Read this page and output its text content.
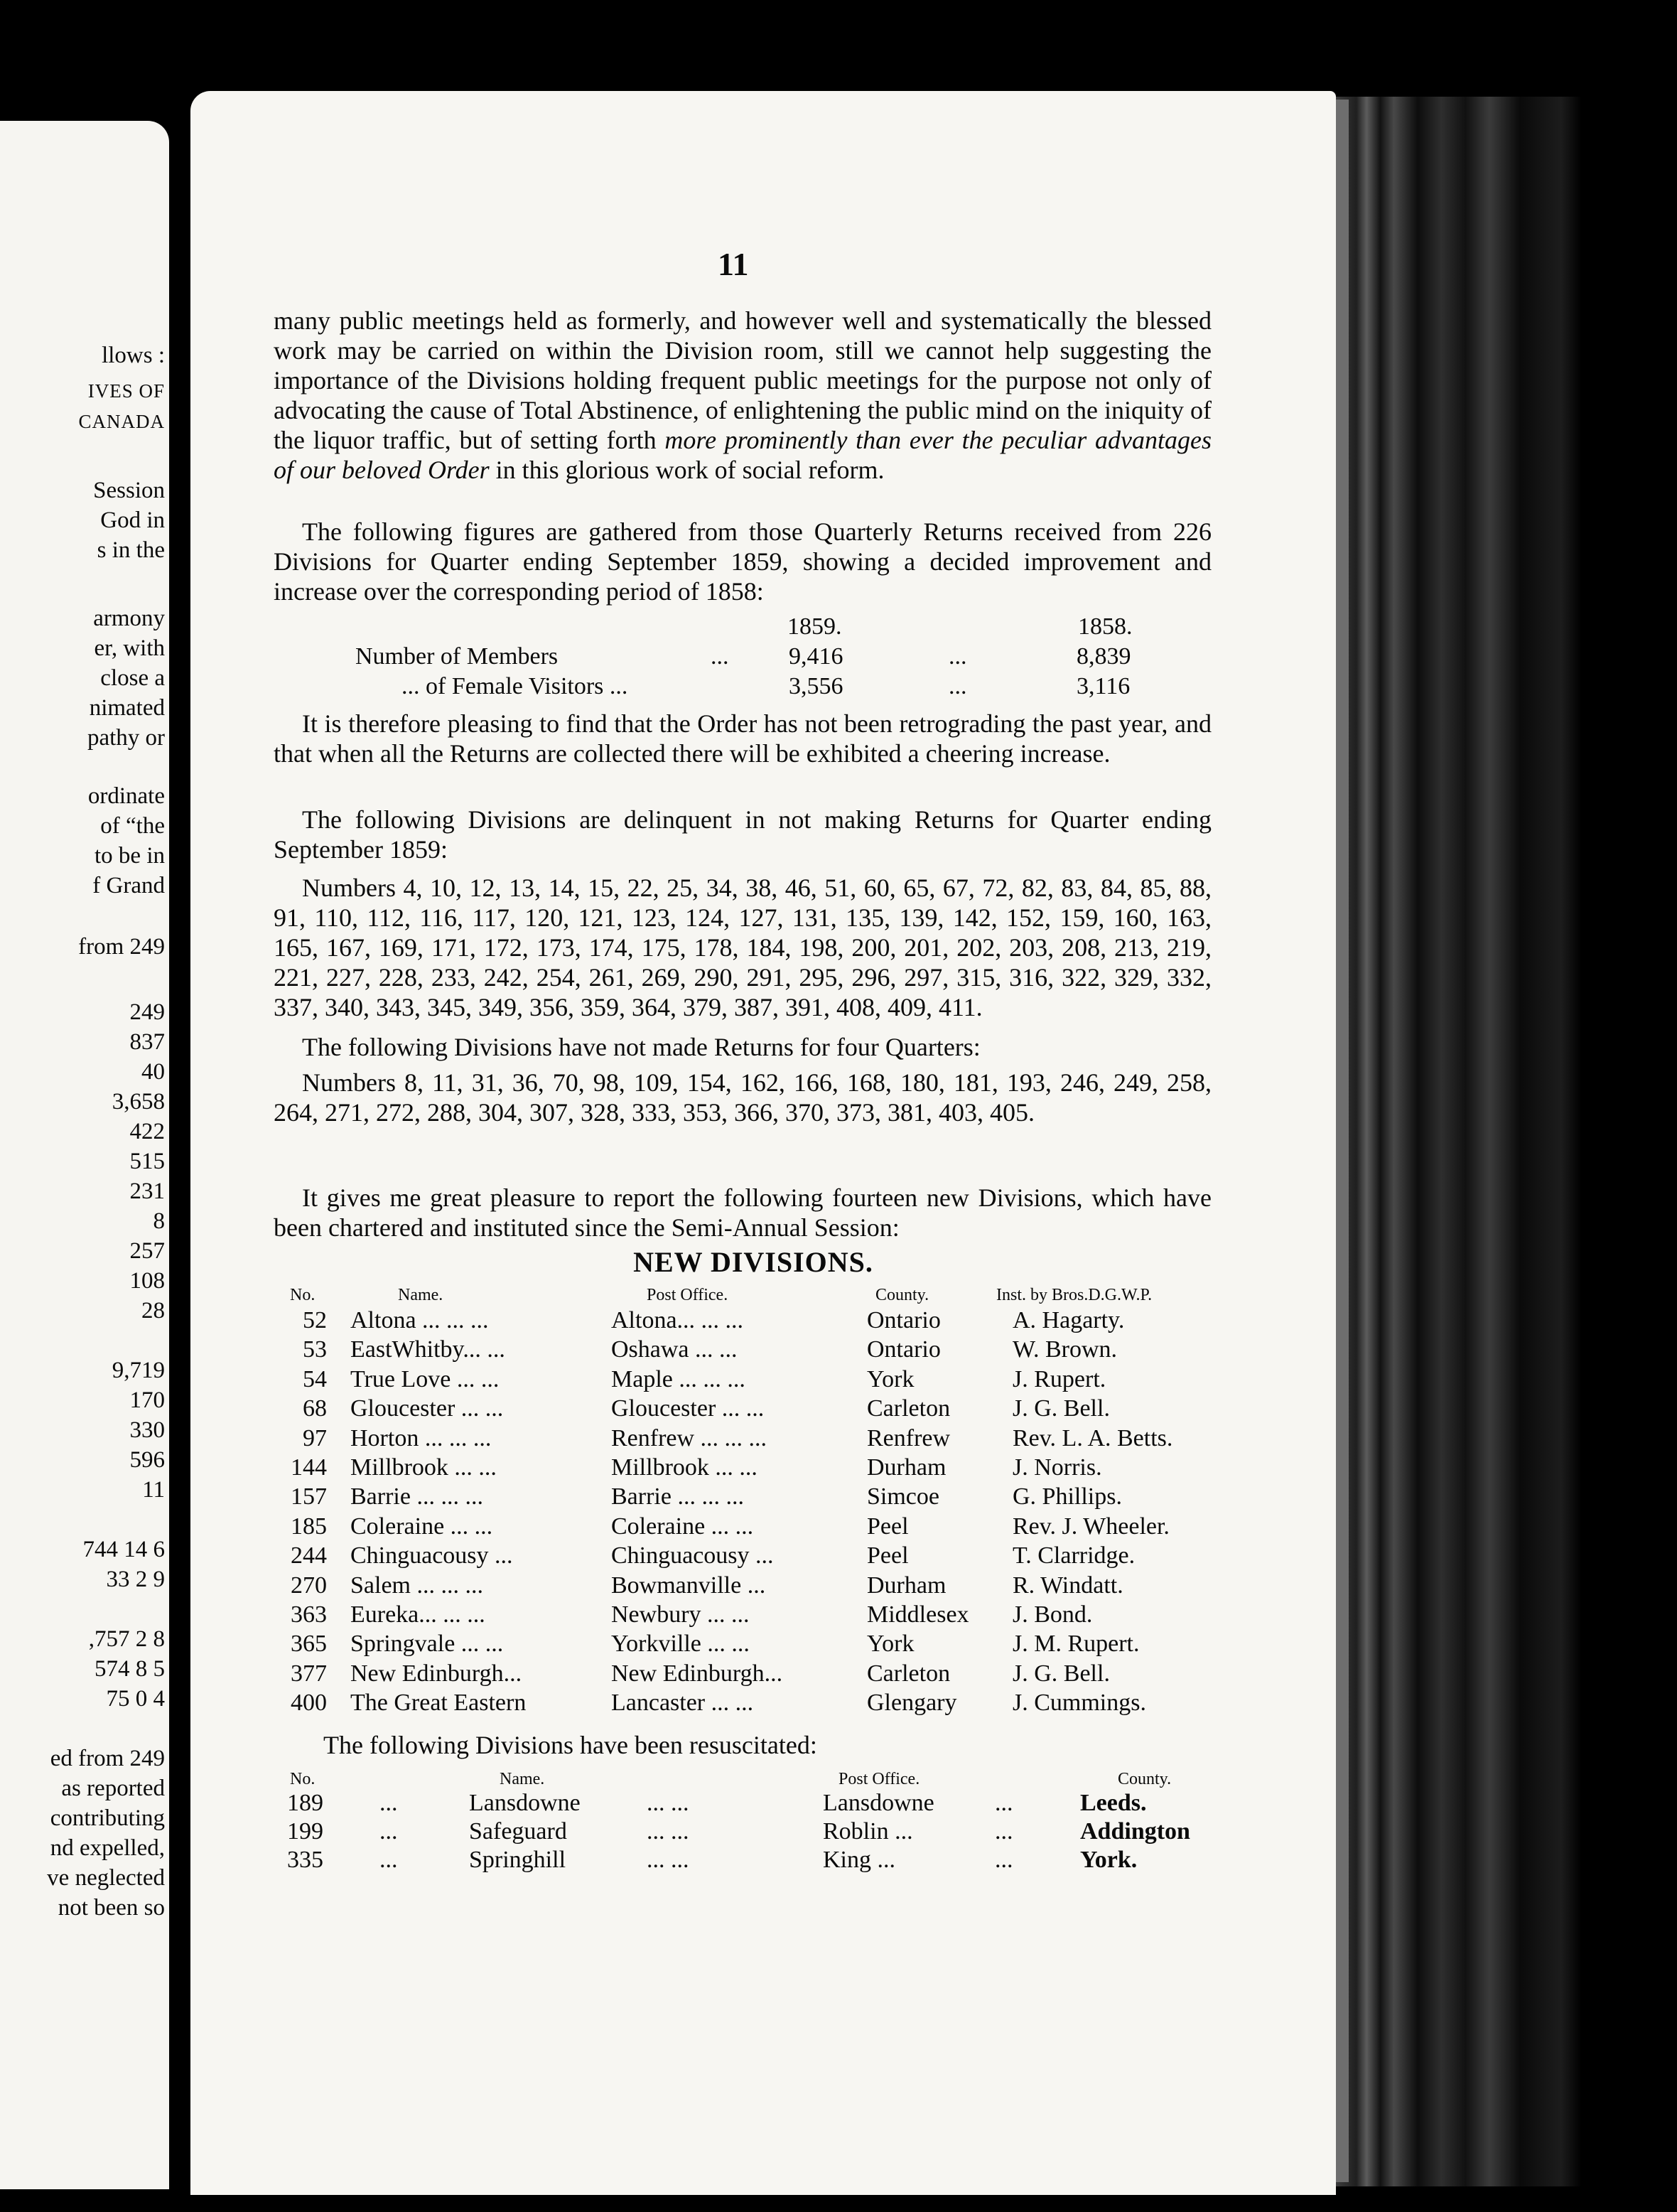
llows :
IVES OF
CANADA
Session
God in
s in the
armony
er, with
close a
nimated
pathy or
ordinate
of “the
to be in
f Grand
from 249
249
837
40
3,658
422
515
231
8
257
108
28
9,719
170
330
596
11
744 14 6
33 2 9
,757 2 8
574 8 5
75 0 4
ed from 249
as reported
contributing
nd expelled,
ve neglected
not been so
11

many public meetings held as formerly, and however well and systematically the blessed work may be carried on within the Division room, still we cannot help suggesting the importance of the Divisions holding frequent public meetings for the purpose not only of advocating the cause of Total Abstinence, of enlightening the public mind on the iniquity of the liquor traffic, but of setting forth more prominently than ever the peculiar advantages of our beloved Order in this glorious work of social reform.

The following figures are gathered from those Quarterly Returns received from 226 Divisions for Quarter ending September 1859, showing a decided improvement and increase over the corresponding period of 1858:

1859.	1858.
Number of Members	... 9,416	...	8,839
... of Female Visitors ...	3,556	...	3,116

It is therefore pleasing to find that the Order has not been retrograding the past year, and that when all the Returns are collected there will be exhibited a cheering increase.

The following Divisions are delinquent in not making Returns for Quarter ending September 1859:

Numbers 4, 10, 12, 13, 14, 15, 22, 25, 34, 38, 46, 51, 60, 65, 67, 72, 82, 83, 84, 85, 88, 91, 110, 112, 116, 117, 120, 121, 123, 124, 127, 131, 135, 139, 142, 152, 159, 160, 163, 165, 167, 169, 171, 172, 173, 174, 175, 178, 184, 198, 200, 201, 202, 203, 208, 213, 219, 221, 227, 228, 233, 242, 254, 261, 269, 290, 291, 295, 296, 297, 315, 316, 322, 329, 332, 337, 340, 343, 345, 349, 356, 359, 364, 379, 387, 391, 408, 409, 411.

The following Divisions have not made Returns for four Quarters:

Numbers 8, 11, 31, 36, 70, 98, 109, 154, 162, 166, 168, 180, 181, 193, 246, 249, 258, 264, 271, 272, 288, 304, 307, 328, 333, 353, 366, 370, 373, 381, 403, 405.

It gives me great pleasure to report the following fourteen new Divisions, which have been chartered and instituted since the Semi-Annual Session:

NEW DIVISIONS.
No.	Name.	Post Office.	County.	Inst. by Bros.D.G.W.P.
52 Altona ... ... ...	Altona... ... ...	Ontario	A. Hagarty.
53 EastWhitby... ...	Oshawa ... ...	Ontario	W. Brown.
54 True Love ... ...	Maple ... ... ...	York	J. Rupert.
68 Gloucester ... ...	Gloucester ... ...	Carleton	J. G. Bell.
97 Horton ... ... ...	Renfrew ... ... ...	Renfrew	Rev. L. A. Betts.
144 Millbrook ... ...	Millbrook ... ...	Durham	J. Norris.
157 Barrie ... ... ...	Barrie ... ... ...	Simcoe	G. Phillips.
185 Coleraine ... ...	Coleraine ... ...	Peel	Rev. J. Wheeler.
244 Chinguacousy ...	Chinguacousy ...	Peel	T. Clarridge.
270 Salem ... ... ...	Bowmanville ...	Durham	R. Windatt.
363 Eureka... ... ...	Newbury ... ...	Middlesex J. Bond.
365 Springvale ... ...	Yorkville ... ...	York	J. M. Rupert.
377 New Edinburgh...	New Edinburgh...	Carleton	J. G. Bell.
400 The Great Eastern	Lancaster ... ...	Glengary J. Cummings.

The following Divisions have been resuscitated:

No.	Name.	Post Office.	County.
189 ...	Lansdowne	... ...	Lansdowne	...	Leeds.
199 ...	Safeguard	... ...	Roblin ...	...	Addington
335 ...	Springhill	... ...	King ...	...	York.
